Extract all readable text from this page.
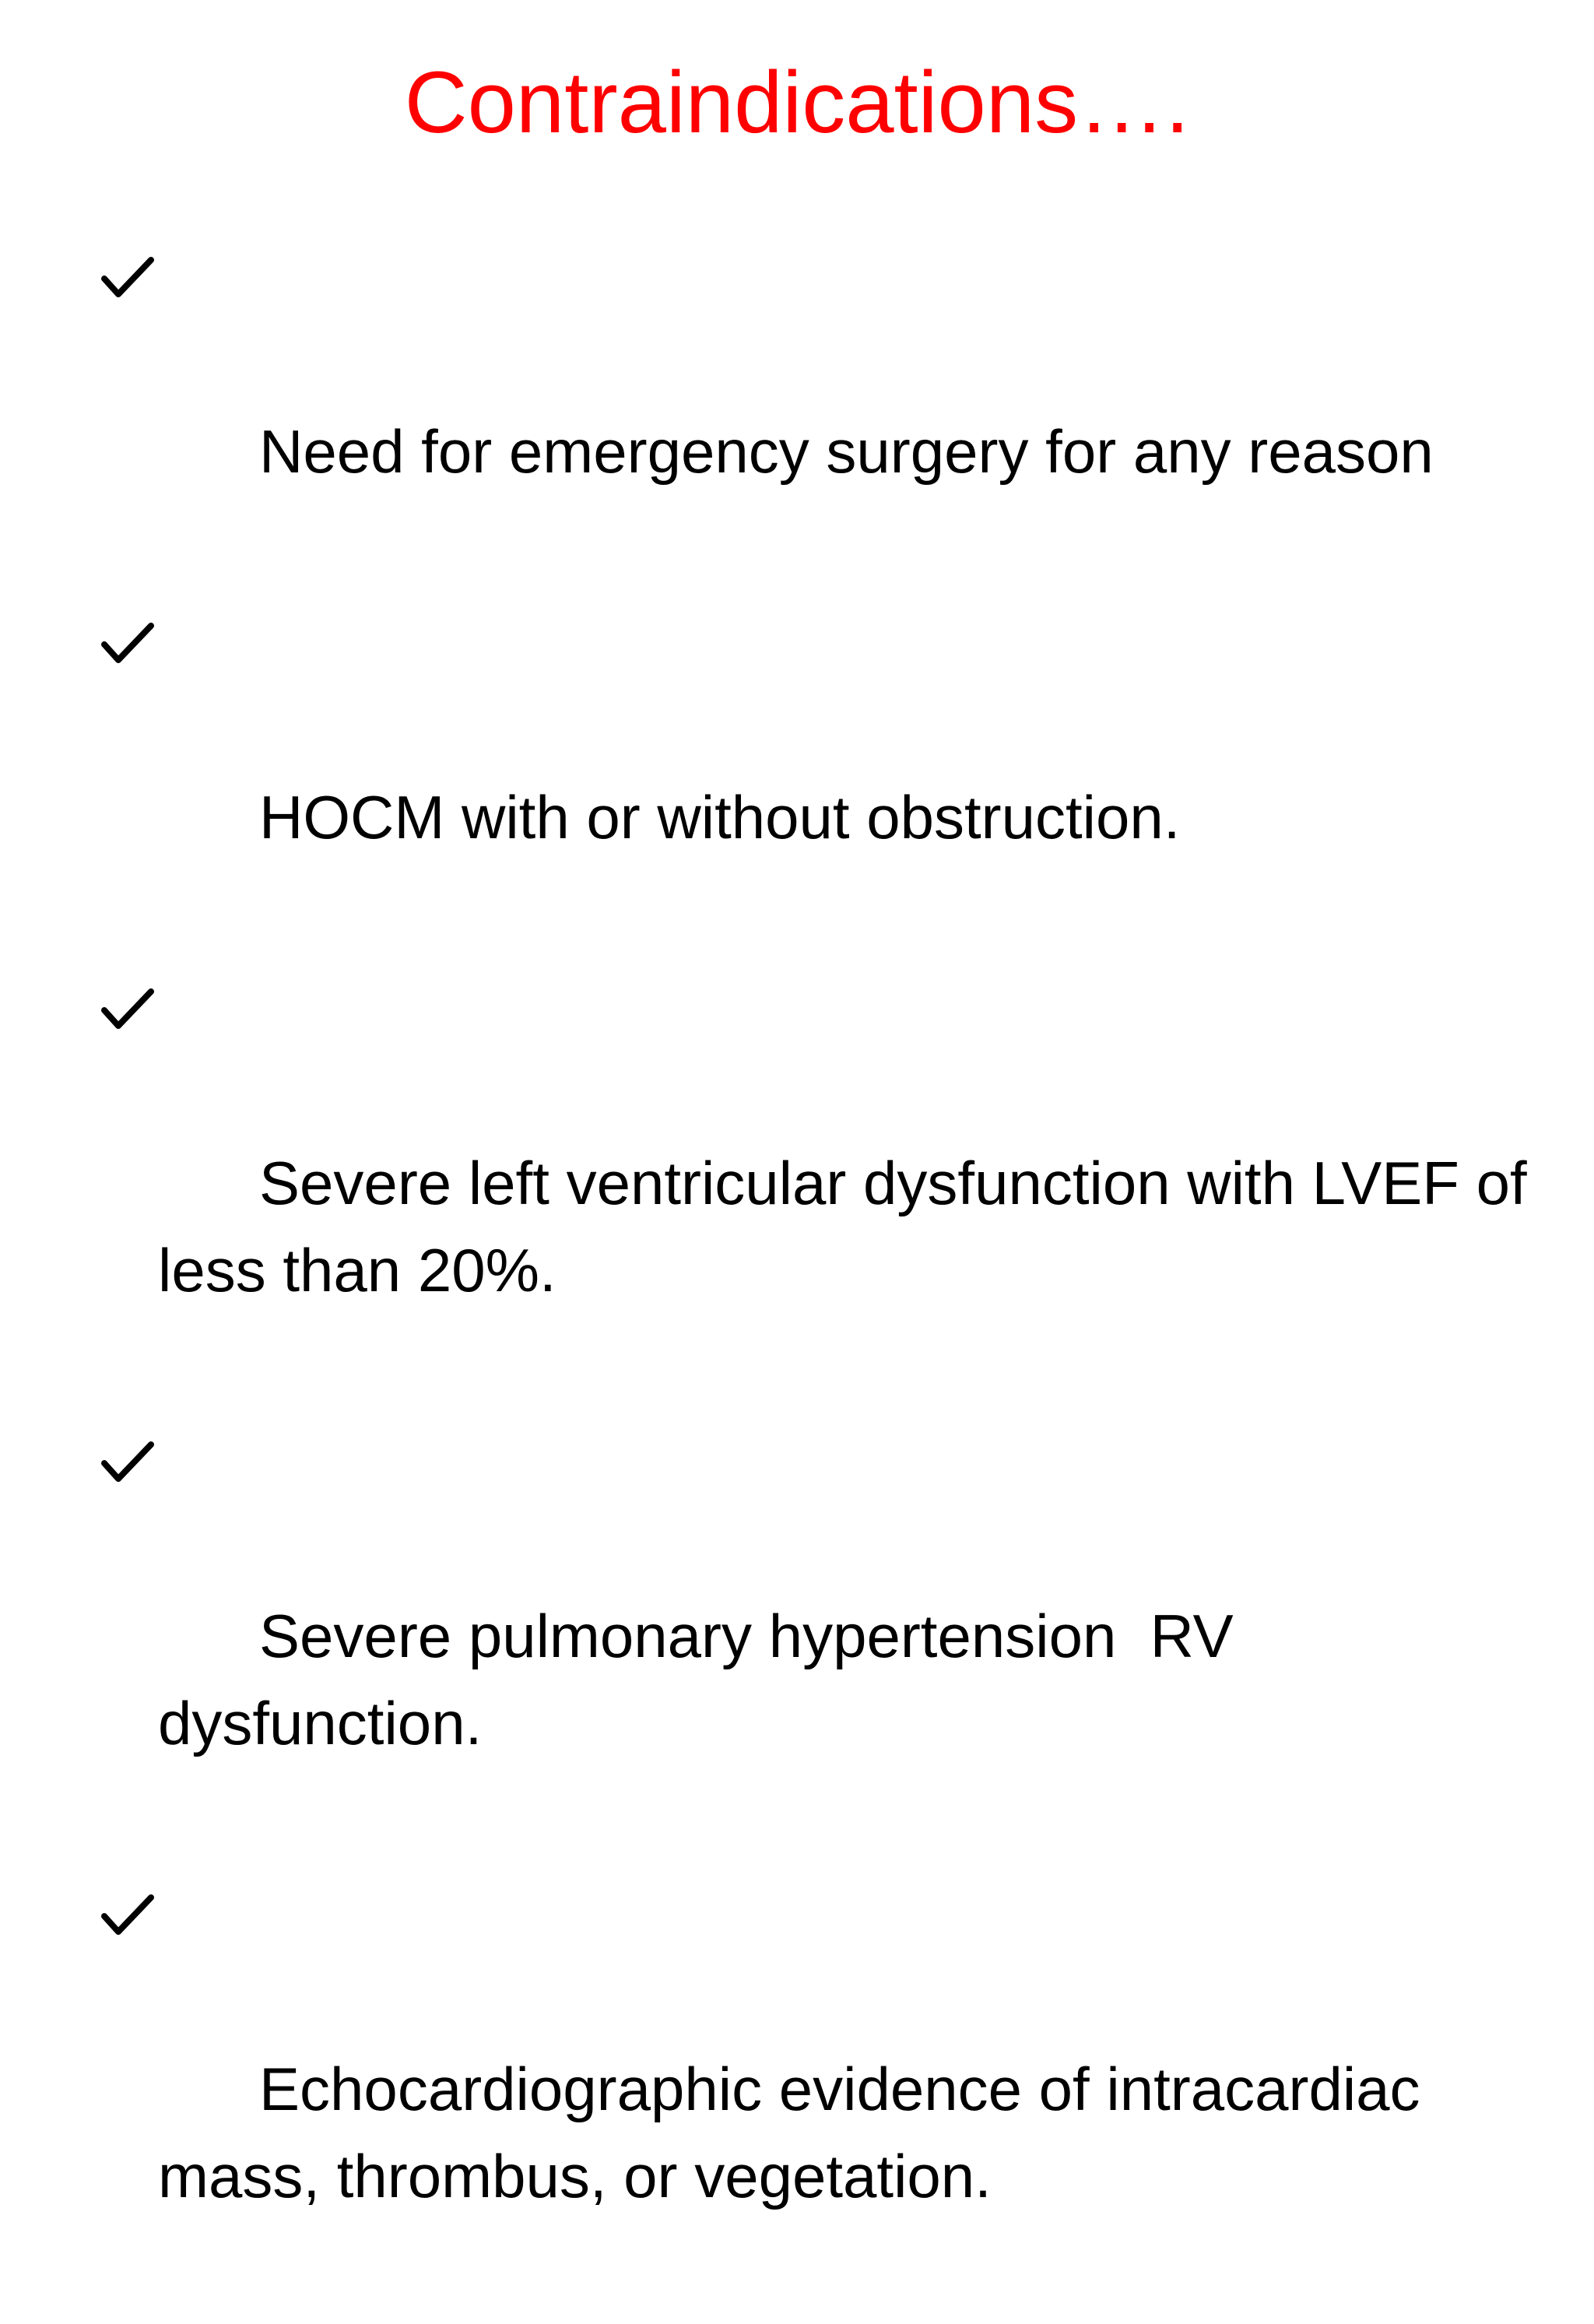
Contraindications….

Need for emergency surgery for any reason

HOCM with or without obstruction.

Severe left ventricular dysfunction with LVEF of less than 20%.

Severe pulmonary hypertension  RV  dysfunction.

Echocardiographic evidence of intracardiac mass, thrombus, or vegetation.
